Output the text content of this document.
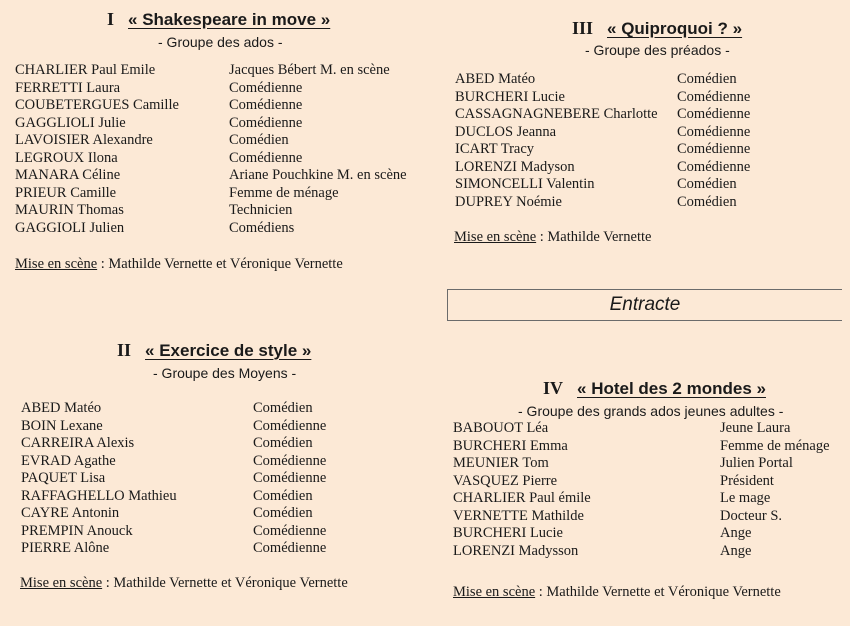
I « Shakespeare in move »
- Groupe des ados -
CHARLIER Paul Emile	Jacques Bébert M. en scène
FERRETTI Laura	Comédienne
COUBETERGUES Camille	Comédienne
GAGGLIOLI Julie	Comédienne
LAVOISIER Alexandre	Comédien
LEGROUX Ilona	Comédienne
MANARA Céline	Ariane Pouchkine M. en scène
PRIEUR Camille	Femme de ménage
MAURIN Thomas	Technicien
GAGGIOLI Julien	Comédiens
Mise en scène : Mathilde Vernette et Véronique Vernette
II « Exercice de style »
- Groupe des Moyens -
ABED Matéo	Comédien
BOIN Lexane	Comédienne
CARREIRA Alexis	Comédien
EVRAD Agathe	Comédienne
PAQUET Lisa	Comédienne
RAFFAGHELLO Mathieu	Comédien
CAYRE Antonin	Comédien
PREMPIN Anouck	Comédienne
PIERRE Alône	Comédienne
Mise en scène : Mathilde Vernette et Véronique Vernette
III « Quiproquoi ? »
- Groupe des préados -
ABED Matéo	Comédien
BURCHERI Lucie	Comédienne
CASSAGNAGNEBERE Charlotte Comédienne
DUCLOS Jeanna	Comédienne
ICART Tracy	Comédienne
LORENZI Madyson	Comédienne
SIMONCELLI Valentin	Comédien
DUPREY Noémie	Comédien
Mise en scène : Mathilde Vernette
Entracte
IV « Hotel des 2 mondes »
- Groupe des grands ados jeunes adultes -
BABOUOT Léa	Jeune Laura
BURCHERI Emma	Femme de ménage
MEUNIER Tom	Julien Portal
VASQUEZ Pierre	Président
CHARLIER Paul émile	Le mage
VERNETTE Mathilde	Docteur S.
BURCHERI Lucie	Ange
LORENZI Madysson	Ange
Mise en scène : Mathilde Vernette et Véronique Vernette
